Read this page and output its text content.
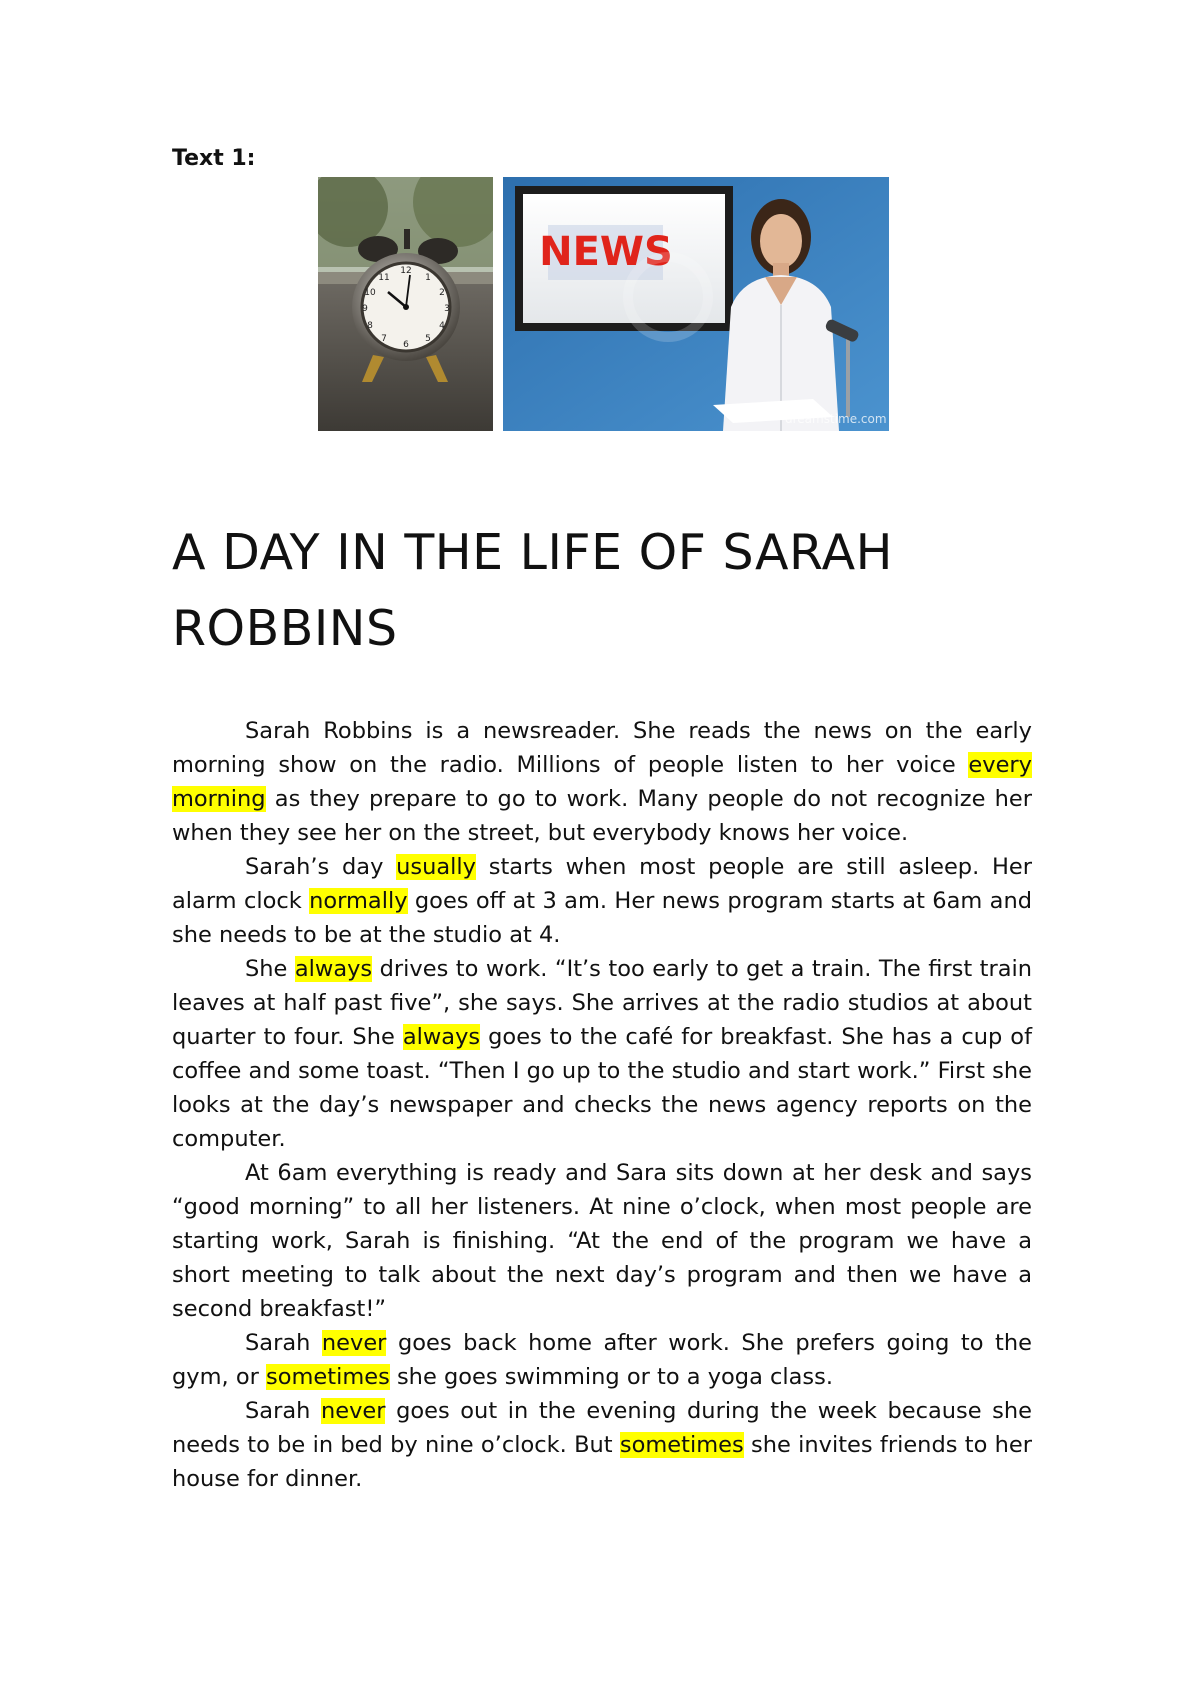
Text 1:
12
1
2
3
4
5
6
7
8
9
10
11
NEWS
dreamstime.com
A DAY IN THE LIFE OF SARAH ROBBINS

Sarah Robbins is a newsreader. She reads the news on the early morning show on the radio. Millions of people listen to her voice every morning as they prepare to go to work. Many people do not recognize her when they see her on the street, but everybody knows her voice.

Sarah’s day usually starts when most people are still asleep. Her alarm clock normally goes off at 3 am. Her news program starts at 6am and she needs to be at the studio at 4.

She always drives to work. “It’s too early to get a train. The first train leaves at half past five”, she says. She arrives at the radio studios at about quarter to four. She always goes to the café for breakfast. She has a cup of coffee and some toast. “Then I go up to the studio and start work.” First she looks at the day’s newspaper and checks the news agency reports on the computer.

At 6am everything is ready and Sara sits down at her desk and says “good morning” to all her listeners. At nine o’clock, when most people are starting work, Sarah is finishing. “At the end of the program we have a short meeting to talk about the next day’s program and then we have a second breakfast!”

Sarah never goes back home after work. She prefers going to the gym, or sometimes she goes swimming or to a yoga class.

Sarah never goes out in the evening during the week because she needs to be in bed by nine o’clock. But sometimes she invites friends to her house for dinner.
